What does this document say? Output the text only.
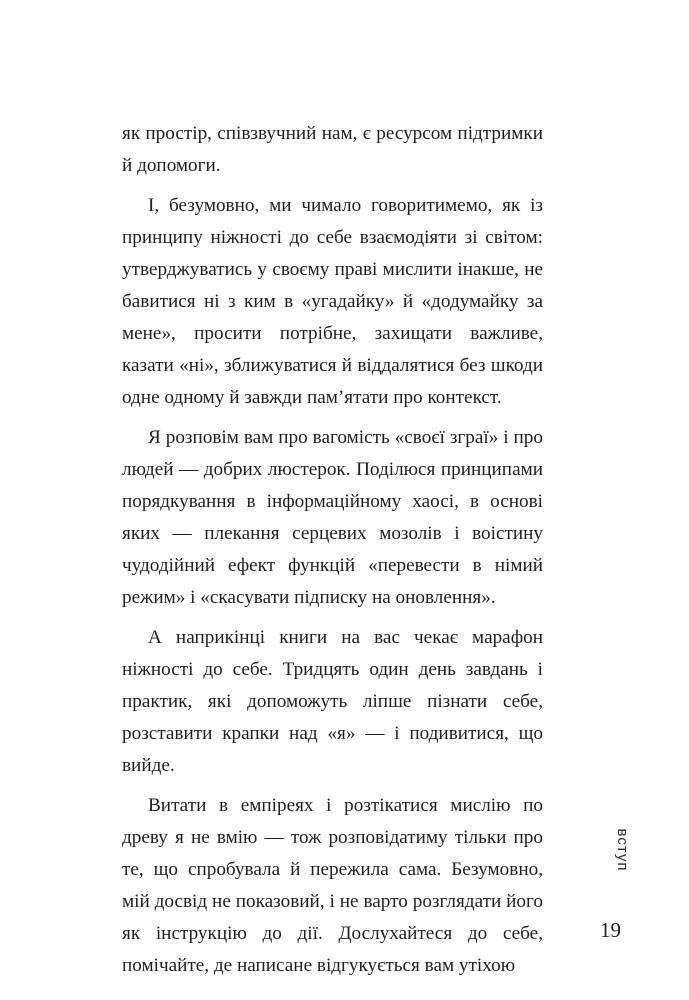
як простір, співзвучний нам, є ресурсом підтримки й допомоги.

І, безумовно, ми чимало говоритимемо, як із принципу ніжності до себе взаємодіяти зі світом: утверджуватись у своєму праві мислити інакше, не бавитися ні з ким в «угадайку» й «додумайку за мене», просити потрібне, захищати важливе, казати «ні», зближуватися й віддалятися без шкоди одне одному й завжди пам’ятати про контекст.

Я розповім вам про вагомість «своєї зграї» і про людей — добрих люстерок. Поділюся принципами порядкування в інформаційному хаосі, в основі яких — плекання серцевих мозолів і воістину чудодійний ефект функцій «перевести в німий режим» і «скасувати підписку на оновлення».

А наприкінці книги на вас чекає марафон ніжності до себе. Тридцять один день завдань і практик, які допоможуть ліпше пізнати себе, розставити крапки над «я» — і подивитися, що вийде.

Витати в емпіреях і розтікатися мислію по древу я не вмію — тож розповідатиму тільки про те, що спробувала й пережила сама. Безумовно, мій досвід не показовий, і не варто розглядати його як інструкцію до дії. Дослухайтеся до себе, помічайте, де написане відгукується вам утіхою

вступ
19
